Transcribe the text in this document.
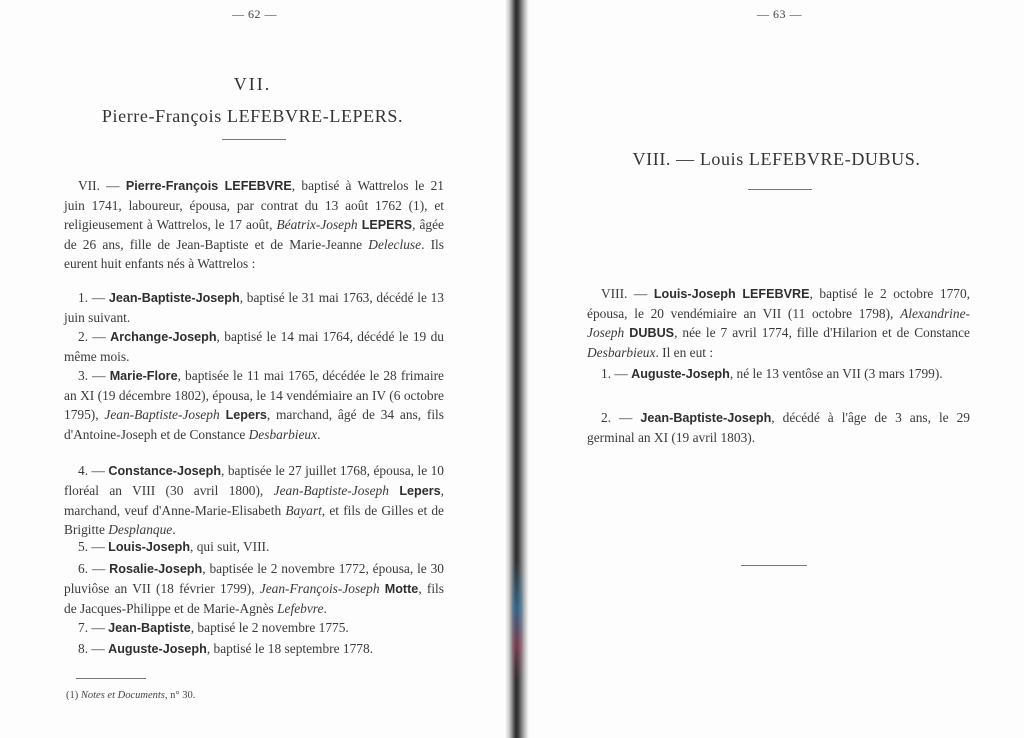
— 62 —
VII.
Pierre-François LEFEBVRE-LEPERS.

VII. — Pierre-François LEFEBVRE, baptisé à Wattrelos le 21 juin 1741, laboureur, épousa, par contrat du 13 août 1762 (1), et religieusement à Wattrelos, le 17 août, Béatrix-Joseph LEPERS, âgée de 26 ans, fille de Jean-Baptiste et de Marie-Jeanne Delecluse. Ils eurent huit enfants nés à Wattrelos :

1. — Jean-Baptiste-Joseph, baptisé le 31 mai 1763, décédé le 13 juin suivant.

2. — Archange-Joseph, baptisé le 14 mai 1764, décédé le 19 du même mois.

3. — Marie-Flore, baptisée le 11 mai 1765, décédée le 28 frimaire an XI (19 décembre 1802), épousa, le 14 vendémiaire an IV (6 octobre 1795), Jean-Baptiste-Joseph Lepers, marchand, âgé de 34 ans, fils d'Antoine-Joseph et de Constance Desbarbieux.

4. — Constance-Joseph, baptisée le 27 juillet 1768, épousa, le 10 floréal an VIII (30 avril 1800), Jean-Baptiste-Joseph Lepers, marchand, veuf d'Anne-Marie-Elisabeth Bayart, et fils de Gilles et de Brigitte Desplanque.

5. — Louis-Joseph, qui suit, VIII.

6. — Rosalie-Joseph, baptisée le 2 novembre 1772, épousa, le 30 pluviôse an VII (18 février 1799), Jean-François-Joseph Motte, fils de Jacques-Philippe et de Marie-Agnès Lefebvre.

7. — Jean-Baptiste, baptisé le 2 novembre 1775.

8. — Auguste-Joseph, baptisé le 18 septembre 1778.

(1) Notes et Documents, n° 30.
— 63 —
VIII. — Louis LEFEBVRE-DUBUS.

VIII. — Louis-Joseph LEFEBVRE, baptisé le 2 octobre 1770, épousa, le 20 vendémiaire an VII (11 octobre 1798), Alexandrine-Joseph DUBUS, née le 7 avril 1774, fille d'Hilarion et de Constance Desbarbieux. Il en eut :

1. — Auguste-Joseph, né le 13 ventôse an VII (3 mars 1799).

2. — Jean-Baptiste-Joseph, décédé à l'âge de 3 ans, le 29 germinal an XI (19 avril 1803).
